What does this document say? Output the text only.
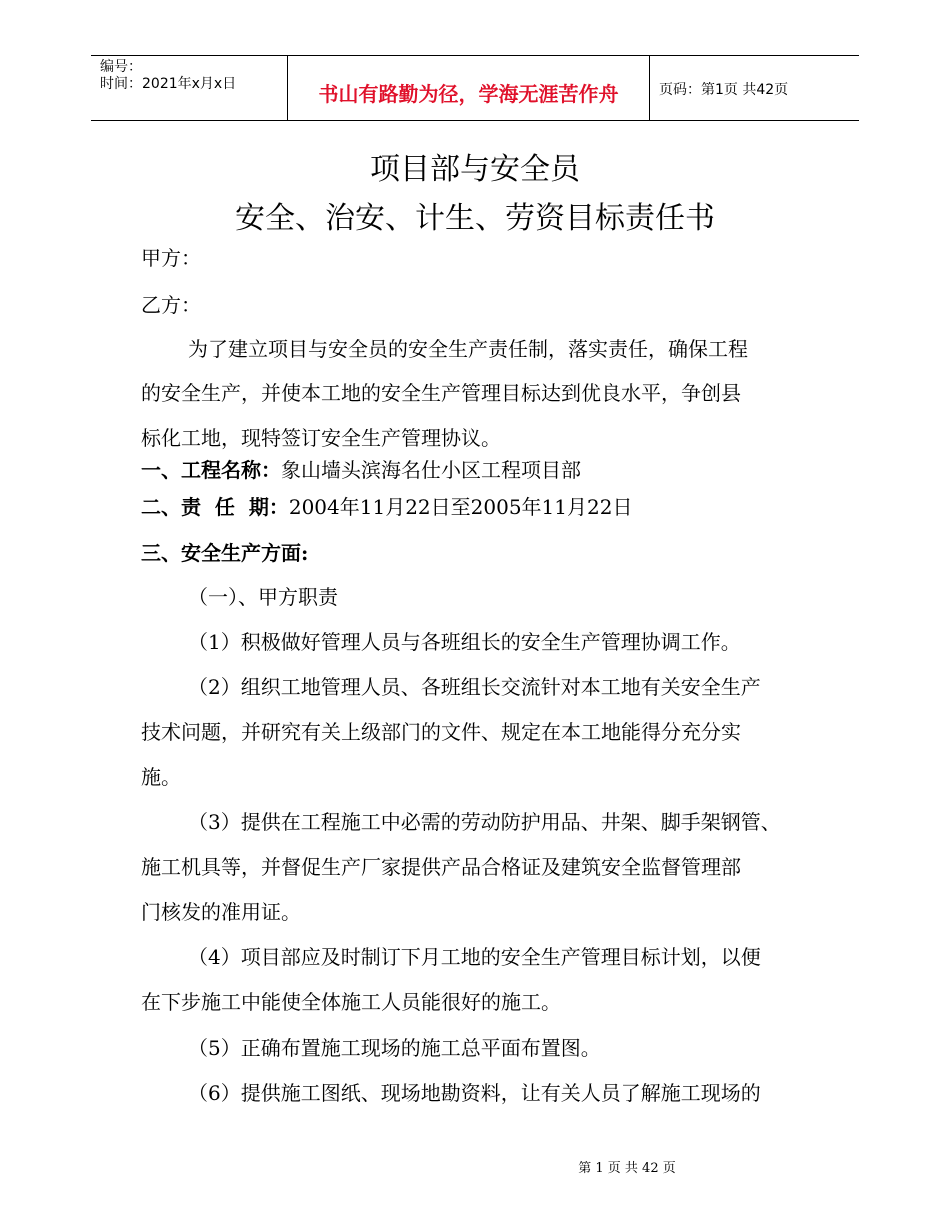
编号：
时间：2021年x月x日	书山有路勤为径，学海无涯苦作舟	页码：第1页 共42页
项目部与安全员
安全、治安、计生、劳资目标责任书
甲方：
乙方：
为了建立项目与安全员的安全生产责任制，落实责任，确保工程
的安全生产，并使本工地的安全生产管理目标达到优良水平，争创县
标化工地，现特签订安全生产管理协议。
一、工程名称：象山墙头滨海名仕小区工程项目部
二、责  任  期：2004年11月22日至2005年11月22日
三、安全生产方面:
（一）、甲方职责
（1）积极做好管理人员与各班组长的安全生产管理协调工作。
（2）组织工地管理人员、各班组长交流针对本工地有关安全生产
技术问题，并研究有关上级部门的文件、规定在本工地能得分充分实
施。
（3）提供在工程施工中必需的劳动防护用品、井架、脚手架钢管、
施工机具等，并督促生产厂家提供产品合格证及建筑安全监督管理部
门核发的准用证。
（4）项目部应及时制订下月工地的安全生产管理目标计划，以便
在下步施工中能使全体施工人员能很好的施工。
（5）正确布置施工现场的施工总平面布置图。
（6）提供施工图纸、现场地勘资料，让有关人员了解施工现场的
第 1 页 共 42 页
